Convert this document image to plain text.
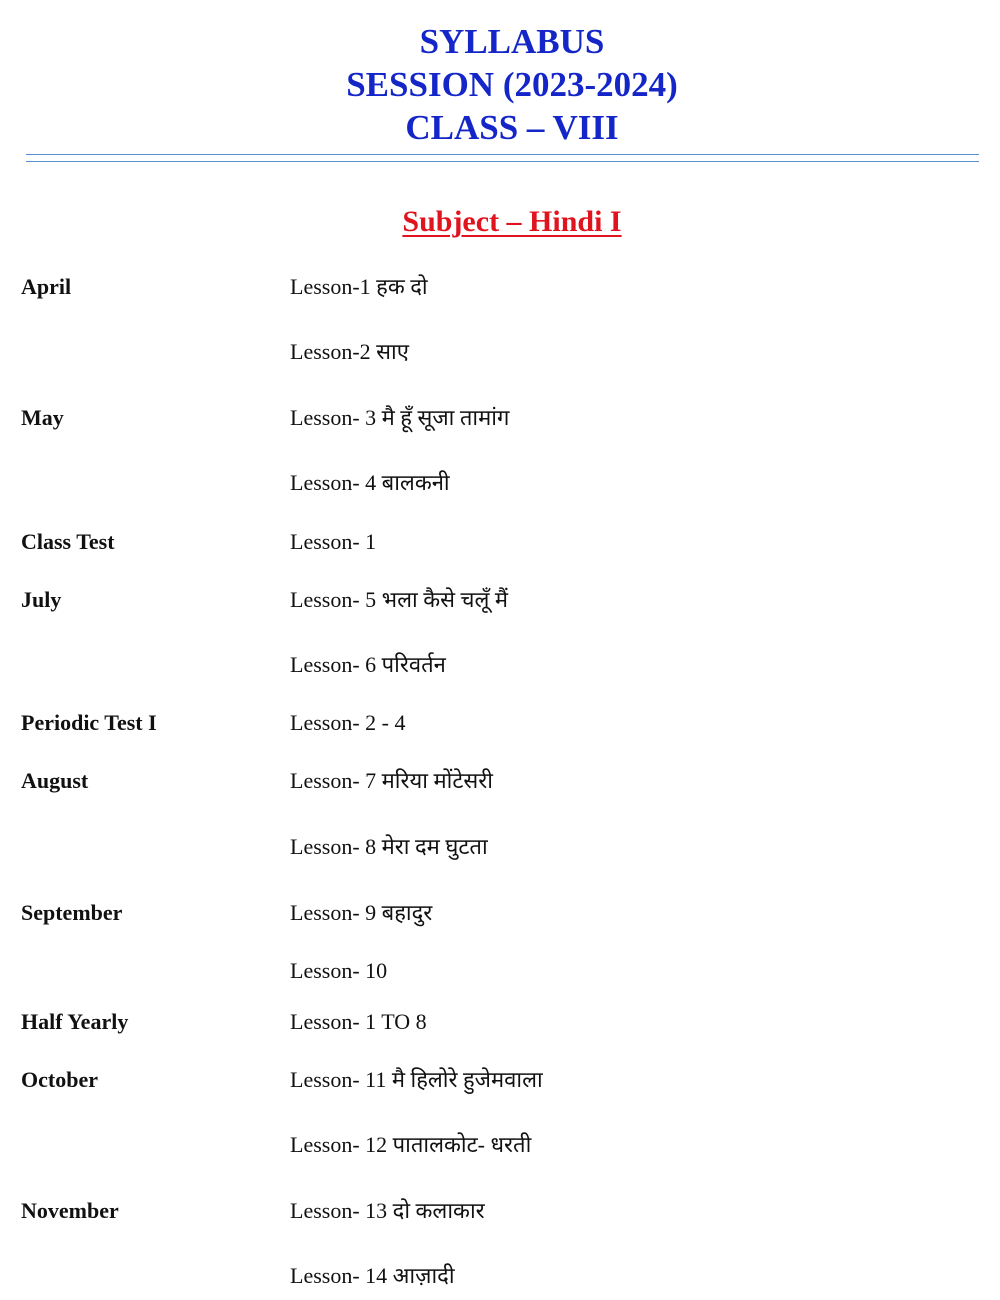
SYLLABUS
SESSION (2023-2024)
CLASS – VIII
Subject – Hindi I
April	Lesson-1 हक दो
Lesson-2 साए
May	Lesson- 3 मै हूँ सूजा तामांग
Lesson- 4 बालकनी
Class Test	Lesson- 1
July	Lesson- 5 भला कैसे चलूँ मैं
Lesson- 6 परिवर्तन
Periodic Test I	Lesson- 2 - 4
August	Lesson- 7 मरिया मोंटेसरी
Lesson- 8 मेरा दम घुटता
September	Lesson- 9 बहादुर
Lesson- 10
Half Yearly	Lesson- 1 TO 8
October	Lesson- 11 मै हिलोरे हुजेमवाला
Lesson- 12 पातालकोट- धरती
November	Lesson- 13 दो कलाकार
Lesson- 14 आज़ादी
